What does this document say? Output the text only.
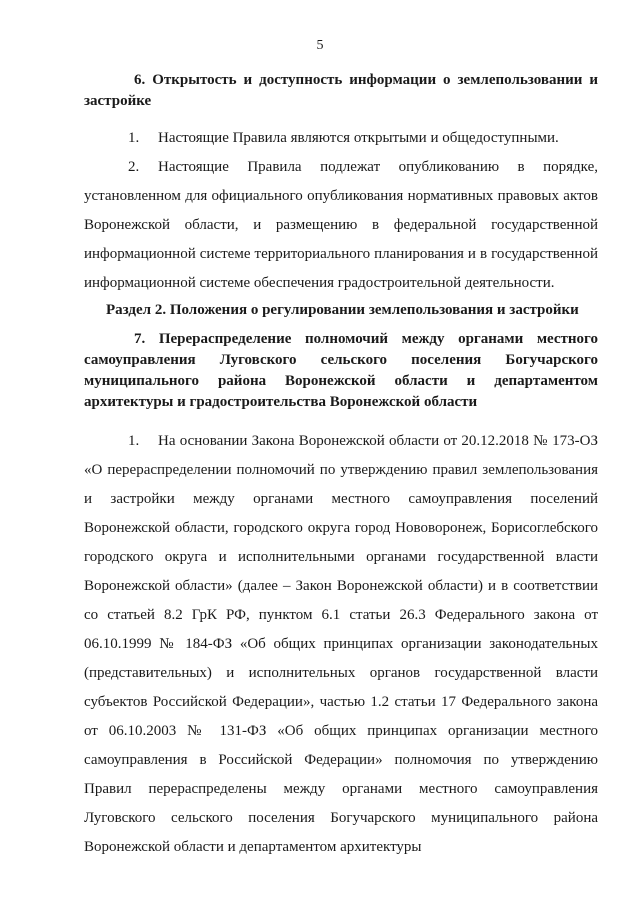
5
6. Открытость и доступность информации о землепользовании и застройке

1. Настоящие Правила являются открытыми и общедоступными.

2. Настоящие Правила подлежат опубликованию в порядке, установленном для официального опубликования нормативных правовых актов Воронежской области, и размещению в федеральной государственной информационной системе территориального планирования и в государственной информационной системе обеспечения градостроительной деятельности.

Раздел 2. Положения о регулировании землепользования и застройки
7. Перераспределение полномочий между органами местного самоуправления Луговского сельского поселения Богучарского муниципального района Воронежской области и департаментом архитектуры и градостроительства Воронежской области

1. На основании Закона Воронежской области от 20.12.2018 № 173-ОЗ «О перераспределении полномочий по утверждению правил землепользования и застройки между органами местного самоуправления поселений Воронежской области, городского округа город Нововоронеж, Борисоглебского городского округа и исполнительными органами государственной власти Воронежской области» (далее – Закон Воронежской области) и в соответствии со статьей 8.2 ГрК РФ, пунктом 6.1 статьи 26.3 Федерального закона от 06.10.1999 № 184-ФЗ «Об общих принципах организации законодательных (представительных) и исполнительных органов государственной власти субъектов Российской Федерации», частью 1.2 статьи 17 Федерального закона от 06.10.2003 № 131-ФЗ «Об общих принципах организации местного самоуправления в Российской Федерации» полномочия по утверждению Правил перераспределены между органами местного самоуправления Луговского сельского поселения Богучарского муниципального района Воронежской области и департаментом архитектуры
